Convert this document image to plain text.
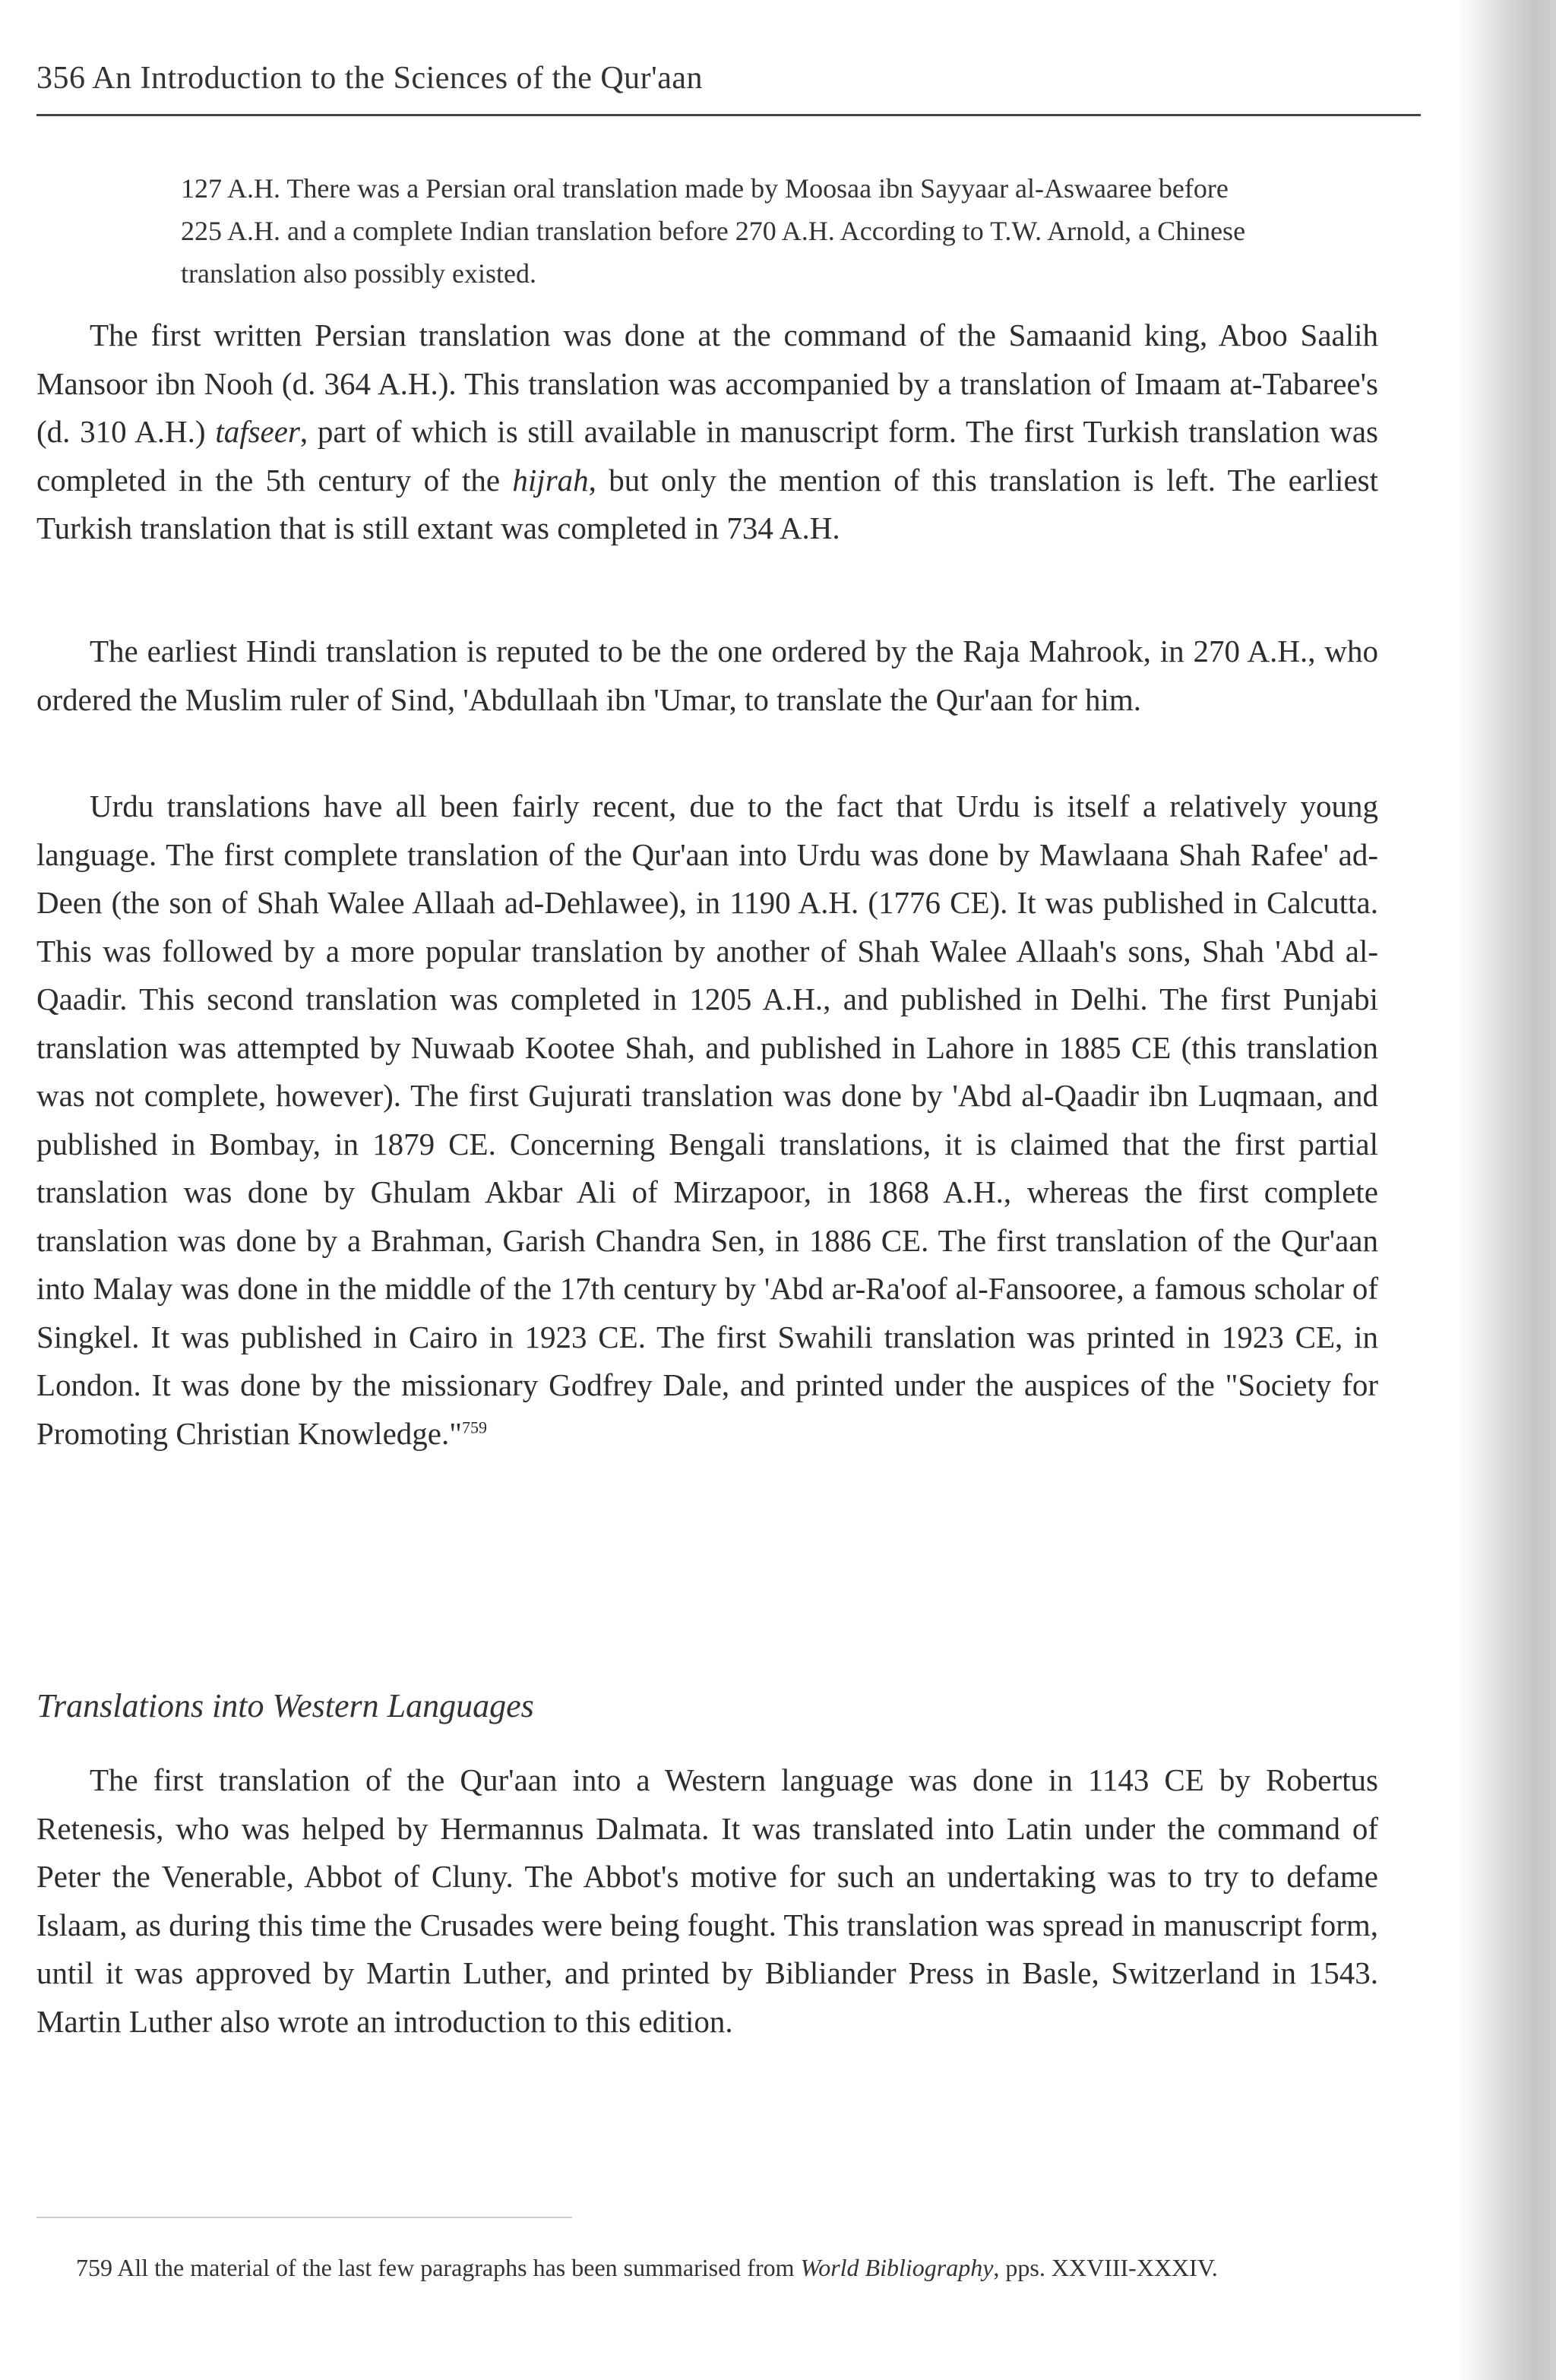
356 An Introduction to the Sciences of the Qur'aan
127 A.H. There was a Persian oral translation made by Moosaa ibn Sayyaar al-Aswaaree before 225 A.H. and a complete Indian translation before 270 A.H. According to T.W. Arnold, a Chinese translation also possibly existed.

The first written Persian translation was done at the command of the Samaanid king, Aboo Saalih Mansoor ibn Nooh (d. 364 A.H.). This translation was accompanied by a translation of Imaam at-Tabaree's (d. 310 A.H.) tafseer, part of which is still available in manuscript form. The first Turkish translation was completed in the 5th century of the hijrah, but only the mention of this translation is left. The earliest Turkish translation that is still extant was completed in 734 A.H.

The earliest Hindi translation is reputed to be the one ordered by the Raja Mahrook, in 270 A.H., who ordered the Muslim ruler of Sind, 'Abdullaah ibn 'Umar, to translate the Qur'aan for him.

Urdu translations have all been fairly recent, due to the fact that Urdu is itself a relatively young language. The first complete translation of the Qur'aan into Urdu was done by Mawlaana Shah Rafee' ad-Deen (the son of Shah Walee Allaah ad-Dehlawee), in 1190 A.H. (1776 CE). It was published in Calcutta. This was followed by a more popular translation by another of Shah Walee Allaah's sons, Shah 'Abd al-Qaadir. This second translation was completed in 1205 A.H., and published in Delhi. The first Punjabi translation was attempted by Nuwaab Kootee Shah, and published in Lahore in 1885 CE (this translation was not complete, however). The first Gujurati translation was done by 'Abd al-Qaadir ibn Luqmaan, and published in Bombay, in 1879 CE. Concerning Bengali translations, it is claimed that the first partial translation was done by Ghulam Akbar Ali of Mirzapoor, in 1868 A.H., whereas the first complete translation was done by a Brahman, Garish Chandra Sen, in 1886 CE. The first translation of the Qur'aan into Malay was done in the middle of the 17th century by 'Abd ar-Ra'oof al-Fansooree, a famous scholar of Singkel. It was published in Cairo in 1923 CE. The first Swahili translation was printed in 1923 CE, in London. It was done by the missionary Godfrey Dale, and printed under the auspices of the "Society for Promoting Christian Knowledge."$^{759}$

Translations into Western Languages

The first translation of the Qur'aan into a Western language was done in 1143 CE by Robertus Retenesis, who was helped by Hermannus Dalmata. It was translated into Latin under the command of Peter the Venerable, Abbot of Cluny. The Abbot's motive for such an undertaking was to try to defame Islaam, as during this time the Crusades were being fought. This translation was spread in manuscript form, until it was approved by Martin Luther, and printed by Bibliander Press in Basle, Switzerland in 1543. Martin Luther also wrote an introduction to this edition.

759 All the material of the last few paragraphs has been summarised from World Bibliography, pps. XXVIII-XXXIV.
